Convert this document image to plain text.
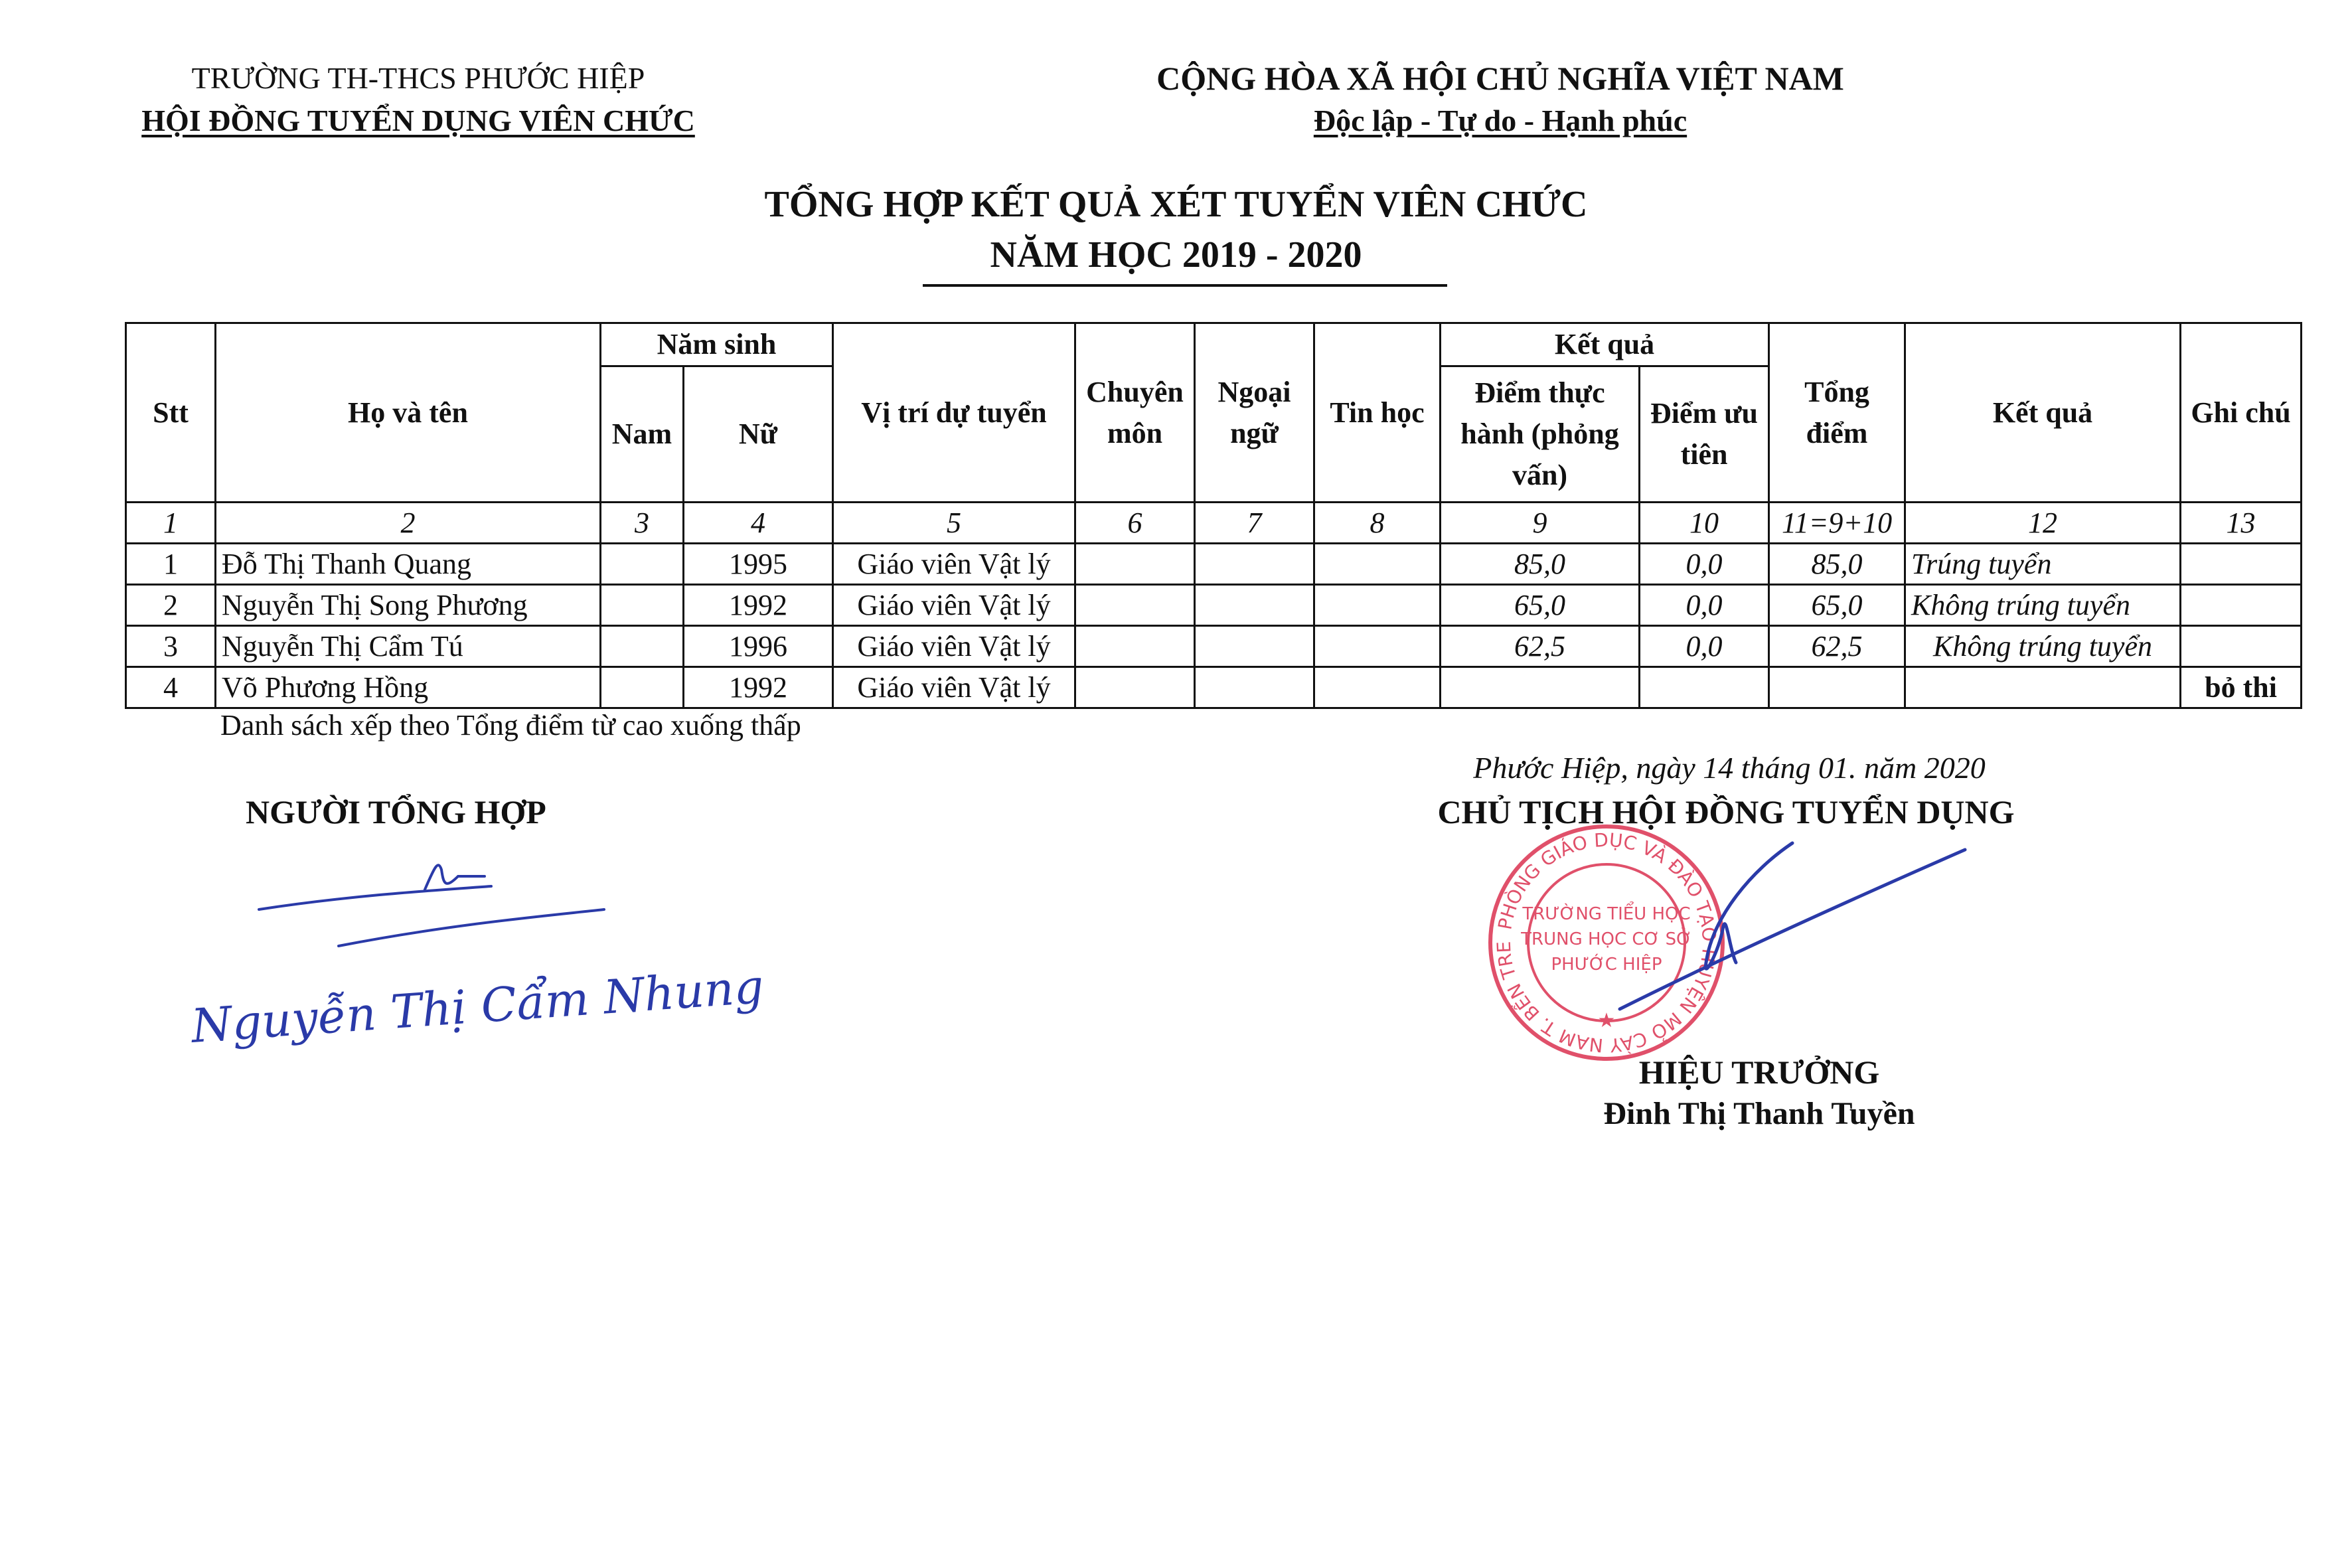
TRƯỜNG TH-THCS PHƯỚC HIỆP
HỘI ĐỒNG TUYỂN DỤNG VIÊN CHỨC
CỘNG HÒA XÃ HỘI CHỦ NGHĨA VIỆT NAM
Độc lập - Tự do - Hạnh phúc
TỔNG HỢP KẾT QUẢ XÉT TUYỂN VIÊN CHỨC
NĂM HỌC 2019 - 2020
Stt	Họ và tên	Năm sinh		Vị trí dự tuyển	Chuyên môn	Ngoại ngữ	Tin học	Kết quả		Tổng điểm	Kết quả	Ghi chú
		Nam	Nữ					Điểm thực hành (phỏng vấn)	Điểm ưu tiên			
1	2	3	4	5	6	7	8	9	10	11=9+10	12	13
1	Đỗ Thị Thanh Quang		1995	Giáo viên Vật lý				85,0	0,0	85,0	Trúng tuyển	
2	Nguyễn Thị Song Phương		1992	Giáo viên Vật lý				65,0	0,0	65,0	Không trúng tuyển	
3	Nguyễn Thị Cẩm Tú		1996	Giáo viên Vật lý				62,5	0,0	62,5	Không trúng tuyển	
4	Võ Phương Hồng		1992	Giáo viên Vật lý								bỏ thi
Danh sách xếp theo Tổng điểm từ cao xuống thấp
Phước Hiệp, ngày 14 tháng 01. năm 2020
NGƯỜI TỔNG HỢP	CHỦ TỊCH HỘI ĐỒNG TUYỂN DỤNG
Nguyễn Thị Cẩm Nhung
PHÒNG GIÁO DỤC VÀ ĐÀO TẠO HUYỆN MỎ CÀY NAM T. BẾN TRE
TRƯỜNG TIỂU HỌC
TRUNG HỌC CƠ SỞ
PHƯỚC HIỆP
★
HIỆU TRƯỞNG
Đinh Thị Thanh Tuyền
